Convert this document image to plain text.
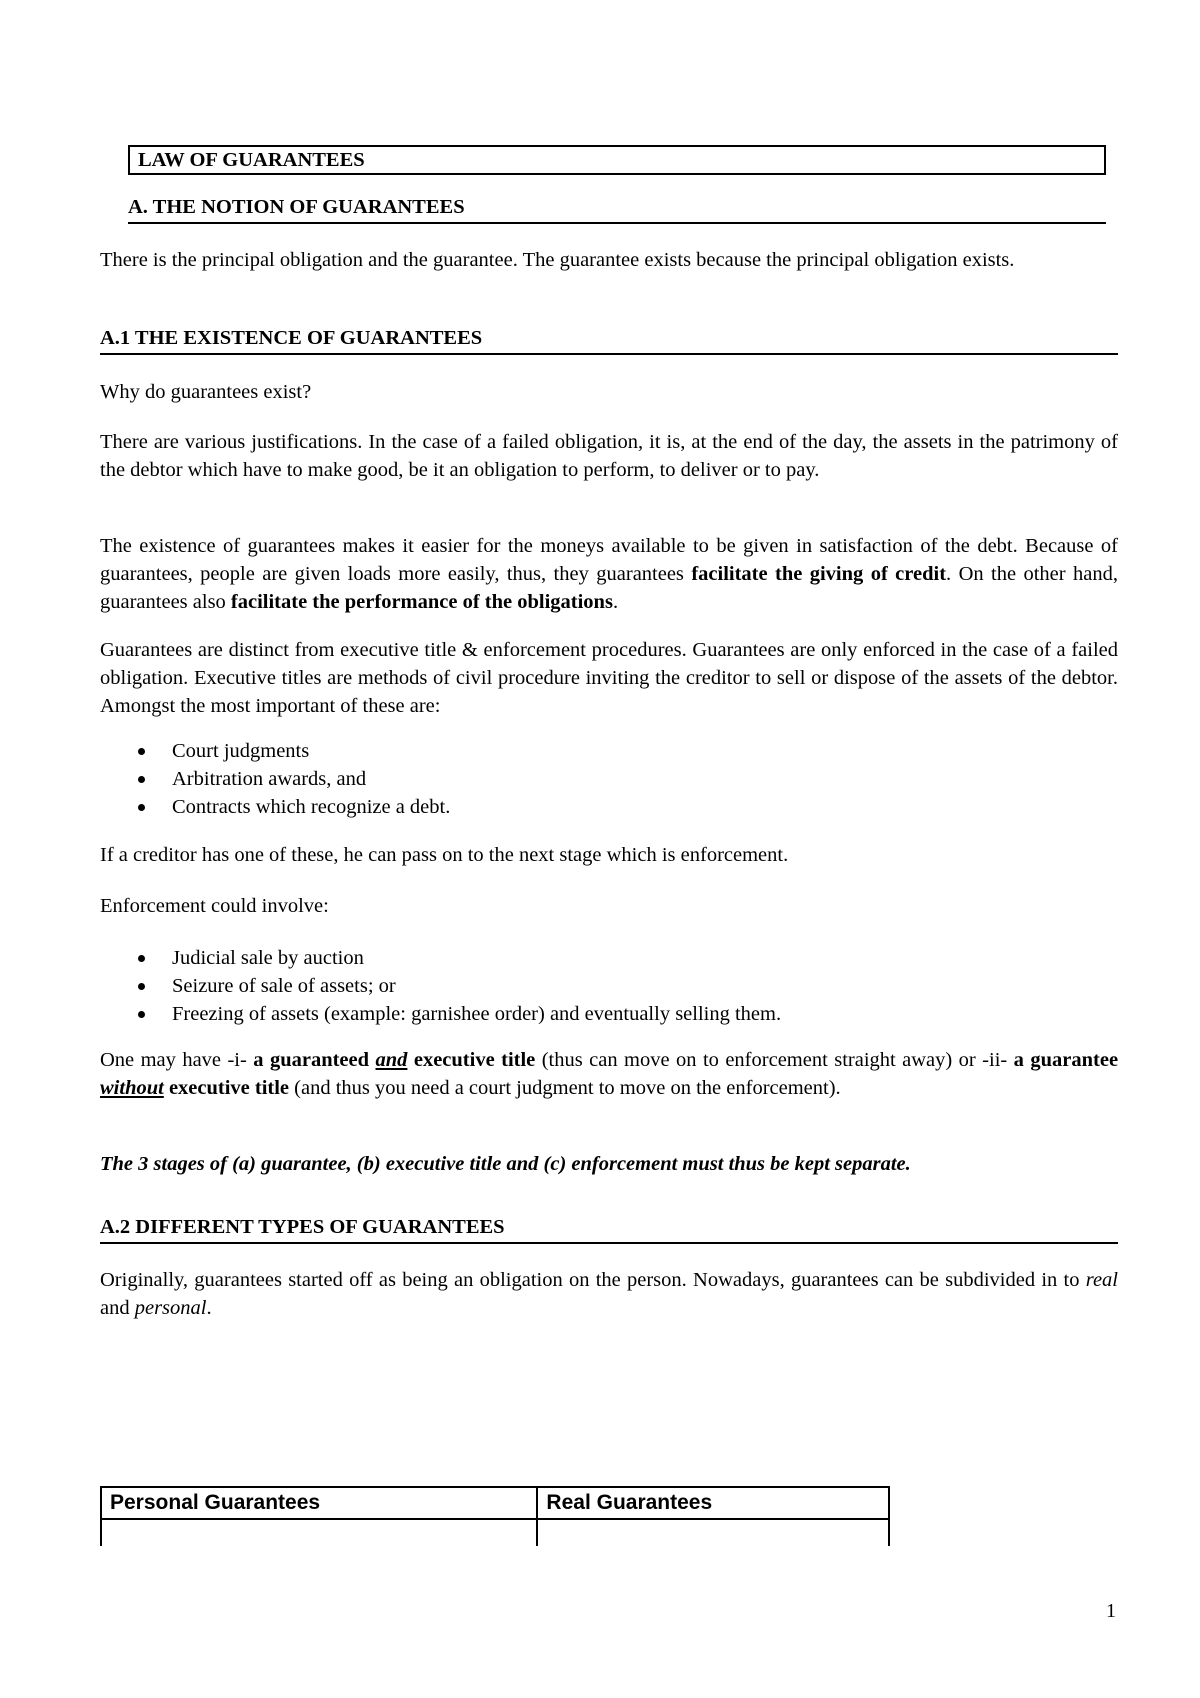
LAW OF GUARANTEES
A. THE NOTION OF GUARANTEES

There is the principal obligation and the guarantee. The guarantee exists because the principal obligation exists.

A.1 THE EXISTENCE OF GUARANTEES

Why do guarantees exist?

There are various justifications. In the case of a failed obligation, it is, at the end of the day, the assets in the patrimony of the debtor which have to make good, be it an obligation to perform, to deliver or to pay.

The existence of guarantees makes it easier for the moneys available to be given in satisfaction of the debt. Because of guarantees, people are given loads more easily, thus, they guarantees facilitate the giving of credit. On the other hand, guarantees also facilitate the performance of the obligations.

Guarantees are distinct from executive title & enforcement procedures. Guarantees are only enforced in the case of a failed obligation. Executive titles are methods of civil procedure inviting the creditor to sell or dispose of the assets of the debtor. Amongst the most important of these are:

Court judgments
Arbitration awards, and
Contracts which recognize a debt.

If a creditor has one of these, he can pass on to the next stage which is enforcement.

Enforcement could involve:

Judicial sale by auction
Seizure of sale of assets; or
Freezing of assets (example: garnishee order) and eventually selling them.

One may have -i- a guaranteed and executive title (thus can move on to enforcement straight away) or -ii- a guarantee without executive title (and thus you need a court judgment to move on the enforcement).

The 3 stages of (a) guarantee, (b) executive title and (c) enforcement must thus be kept separate.

A.2 DIFFERENT TYPES OF GUARANTEES

Originally, guarantees started off as being an obligation on the person. Nowadays, guarantees can be subdivided in to real and personal.

Personal Guarantees	Real Guarantees

1
